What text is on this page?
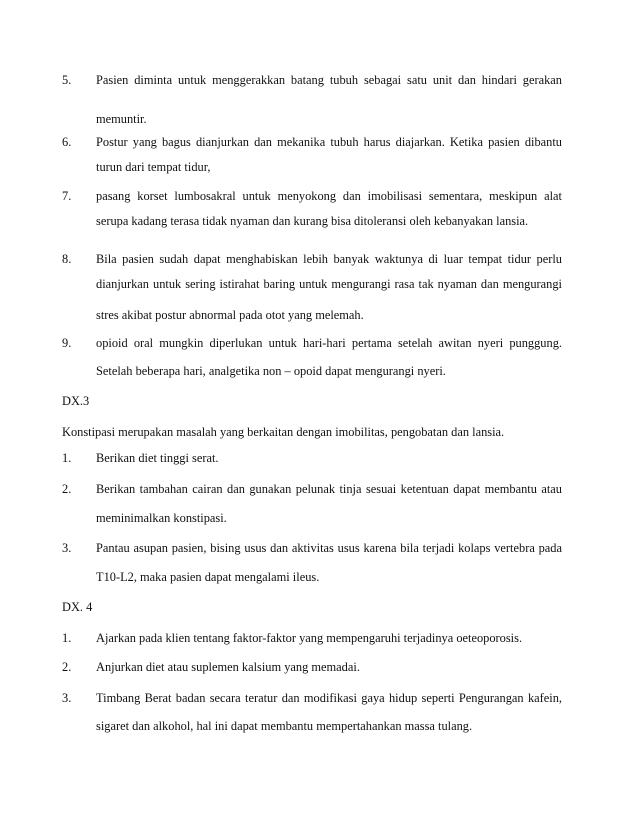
5. Pasien diminta untuk menggerakkan batang tubuh sebagai satu unit dan hindari gerakan
memuntir.
6. Postur yang bagus dianjurkan dan mekanika tubuh harus diajarkan. Ketika pasien dibantu
turun dari tempat tidur,
7. pasang korset lumbosakral untuk menyokong dan imobilisasi sementara, meskipun alat
serupa kadang terasa tidak nyaman dan kurang bisa ditoleransi oleh kebanyakan lansia.
8. Bila pasien sudah dapat menghabiskan lebih banyak waktunya di luar tempat tidur perlu
dianjurkan untuk sering istirahat baring untuk mengurangi rasa tak nyaman dan mengurangi
stres akibat postur abnormal pada otot yang melemah.
9. opioid oral mungkin diperlukan untuk hari-hari pertama setelah awitan nyeri punggung.
Setelah beberapa hari, analgetika non – opoid dapat mengurangi nyeri.
DX.3
Konstipasi merupakan masalah yang berkaitan dengan imobilitas, pengobatan dan lansia.
1. Berikan diet tinggi serat.
2. Berikan tambahan cairan dan gunakan pelunak tinja sesuai ketentuan dapat membantu atau
meminimalkan konstipasi.
3. Pantau asupan pasien, bising usus dan aktivitas usus karena bila terjadi kolaps vertebra pada
T10-L2, maka pasien dapat mengalami ileus.
DX. 4
1. Ajarkan pada klien tentang faktor-faktor yang mempengaruhi terjadinya oeteoporosis.
2. Anjurkan diet atau suplemen kalsium yang memadai.
3. Timbang Berat badan secara teratur dan modifikasi gaya hidup seperti Pengurangan kafein,
sigaret dan alkohol, hal ini dapat membantu mempertahankan massa tulang.
